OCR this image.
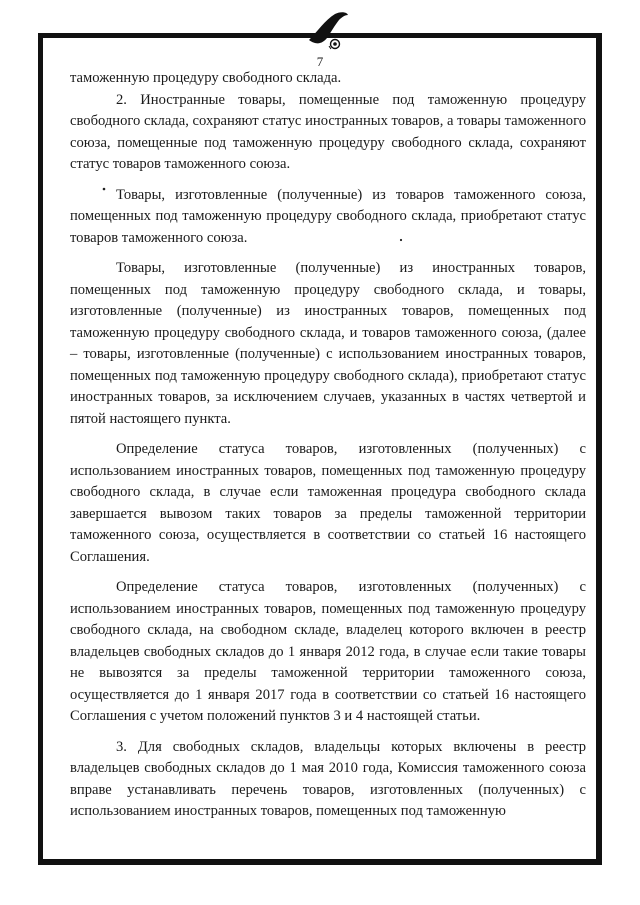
7

таможенную процедуру свободного склада.

2. Иностранные товары, помещенные под таможенную процедуру свободного склада, сохраняют статус иностранных товаров, а товары таможенного союза, помещенные под таможенную процедуру свободного склада, сохраняют статус товаров таможенного союза.

Товары, изготовленные (полученные) из товаров таможенного союза, помещенных под таможенную процедуру свободного склада, приобретают статус товаров таможенного союза.

Товары, изготовленные (полученные) из иностранных товаров, помещенных под таможенную процедуру свободного склада, и товары, изготовленные (полученные) из иностранных товаров, помещенных под таможенную процедуру свободного склада, и товаров таможенного союза, (далее – товары, изготовленные (полученные) с использованием иностранных товаров, помещенных под таможенную процедуру свободного склада), приобретают статус иностранных товаров, за исключением случаев, указанных в частях четвертой и пятой настоящего пункта.

Определение статуса товаров, изготовленных (полученных) с использованием иностранных товаров, помещенных под таможенную процедуру свободного склада, в случае если таможенная процедура свободного склада завершается вывозом таких товаров за пределы таможенной территории таможенного союза, осуществляется в соответствии со статьей 16 настоящего Соглашения.

Определение статуса товаров, изготовленных (полученных) с использованием иностранных товаров, помещенных под таможенную процедуру свободного склада, на свободном складе, владелец которого включен в реестр владельцев свободных складов до 1 января 2012 года, в случае если такие товары не вывозятся за пределы таможенной территории таможенного союза, осуществляется до 1 января 2017 года в соответствии со статьей 16 настоящего Соглашения с учетом положений пунктов 3 и 4 настоящей статьи.

3. Для свободных складов, владельцы которых включены в реестр владельцев свободных складов до 1 мая 2010 года, Комиссия таможенного союза вправе устанавливать перечень товаров, изготовленных (полученных) с использованием иностранных товаров, помещенных под таможенную
